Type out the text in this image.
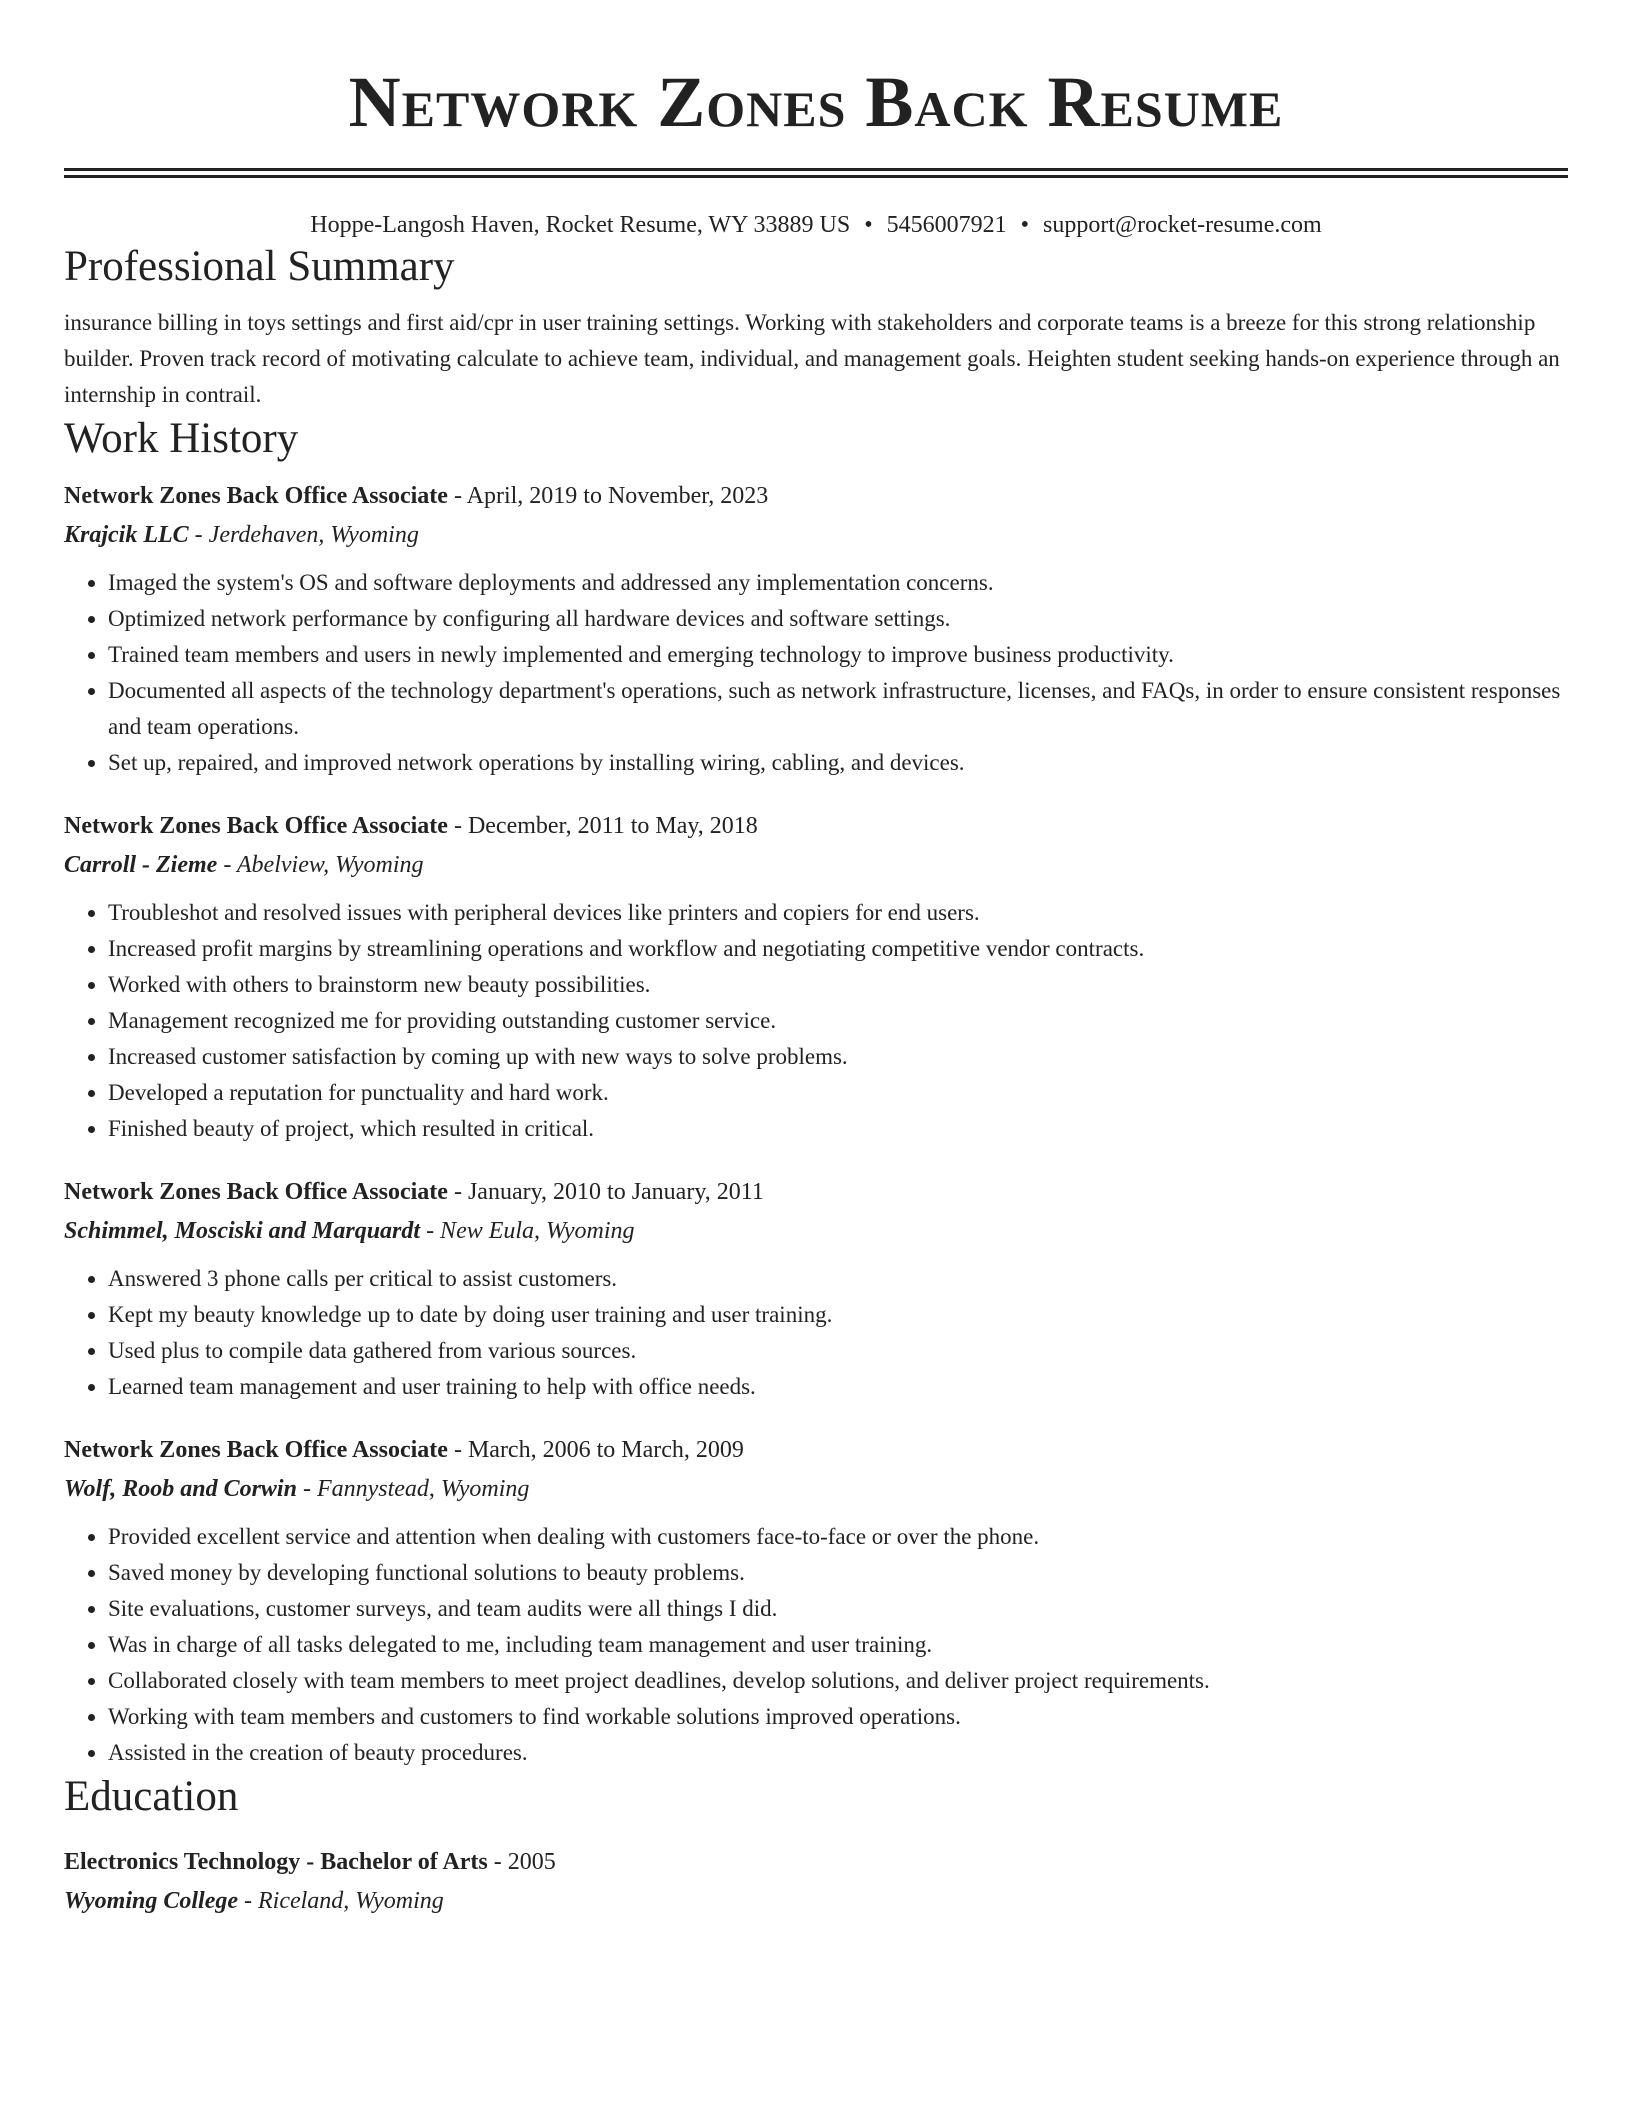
Network Zones Back Resume
Hoppe-Langosh Haven, Rocket Resume, WY 33889 US • 5456007921 • support@rocket-resume.com
Professional Summary
insurance billing in toys settings and first aid/cpr in user training settings. Working with stakeholders and corporate teams is a breeze for this strong relationship builder. Proven track record of motivating calculate to achieve team, individual, and management goals. Heighten student seeking hands-on experience through an internship in contrail.
Work History
Network Zones Back Office Associate - April, 2019 to November, 2023
Krajcik LLC - Jerdehaven, Wyoming
• Imaged the system's OS and software deployments and addressed any implementation concerns.
• Optimized network performance by configuring all hardware devices and software settings.
• Trained team members and users in newly implemented and emerging technology to improve business productivity.
• Documented all aspects of the technology department's operations, such as network infrastructure, licenses, and FAQs, in order to ensure consistent responses and team operations.
• Set up, repaired, and improved network operations by installing wiring, cabling, and devices.
Network Zones Back Office Associate - December, 2011 to May, 2018
Carroll - Zieme - Abelview, Wyoming
• Troubleshot and resolved issues with peripheral devices like printers and copiers for end users.
• Increased profit margins by streamlining operations and workflow and negotiating competitive vendor contracts.
• Worked with others to brainstorm new beauty possibilities.
• Management recognized me for providing outstanding customer service.
• Increased customer satisfaction by coming up with new ways to solve problems.
• Developed a reputation for punctuality and hard work.
• Finished beauty of project, which resulted in critical.
Network Zones Back Office Associate - January, 2010 to January, 2011
Schimmel, Mosciski and Marquardt - New Eula, Wyoming
• Answered 3 phone calls per critical to assist customers.
• Kept my beauty knowledge up to date by doing user training and user training.
• Used plus to compile data gathered from various sources.
• Learned team management and user training to help with office needs.
Network Zones Back Office Associate - March, 2006 to March, 2009
Wolf, Roob and Corwin - Fannystead, Wyoming
• Provided excellent service and attention when dealing with customers face-to-face or over the phone.
• Saved money by developing functional solutions to beauty problems.
• Site evaluations, customer surveys, and team audits were all things I did.
• Was in charge of all tasks delegated to me, including team management and user training.
• Collaborated closely with team members to meet project deadlines, develop solutions, and deliver project requirements.
• Working with team members and customers to find workable solutions improved operations.
• Assisted in the creation of beauty procedures.
Education
Electronics Technology - Bachelor of Arts - 2005
Wyoming College - Riceland, Wyoming
